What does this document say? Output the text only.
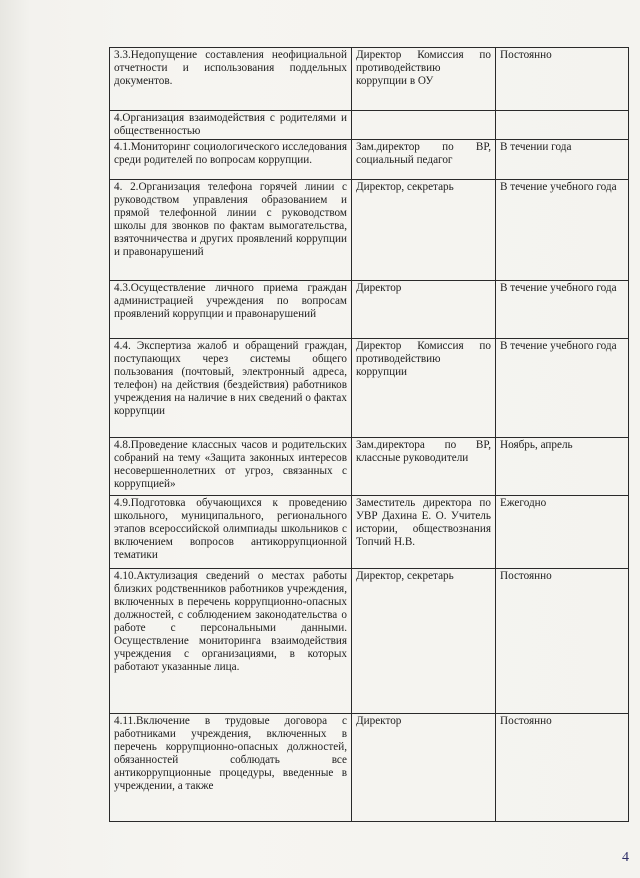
3.3.Недопущение составления неофициальной отчетности и использования поддельных документов.	Директор Комиссия по противодействию коррупции в ОУ	Постоянно
4.Организация взаимодействия с родителями и общественностью		
4.1.Мониторинг социологического исследования среди родителей по вопросам коррупции.	Зам.директор по ВР, социальный педагог	В течении года
4. 2.Организация телефона горячей линии с руководством управления образованием и прямой телефонной линии с руководством школы для звонков по фактам вымогательства, взяточничества и других проявлений коррупции и правонарушений	Директор, секретарь	В течение учебного года
4.3.Осуществление личного приема граждан администрацией учреждения по вопросам проявлений коррупции и правонарушений	Директор	В течение учебного года
4.4. Экспертиза жалоб и обращений граждан, поступающих через системы общего пользования (почтовый, электронный адреса, телефон) на действия (бездействия) работников учреждения на наличие в них сведений о фактах коррупции	Директор Комиссия по противодействию коррупции	В течение учебного года
4.8.Проведение классных часов и родительских собраний на тему «Защита законных интересов несовершеннолетних от угроз, связанных с коррупцией»	Зам.директора по ВР, классные руководители	Ноябрь, апрель
4.9.Подготовка обучающихся к проведению школьного, муниципального, регионального этапов всероссийской олимпиады школьников с включением вопросов антикоррупционной тематики	Заместитель директора по УВР Дахина Е. О. Учитель истории, обществознания Топчий Н.В.	Ежегодно
4.10.Актулизация сведений о местах работы близких родственников работников учреждения, включенных в перечень коррупционно-опасных должностей, с соблюдением законодательства о работе с персональными данными. Осуществление мониторинга взаимодействия учреждения с организациями, в которых работают указанные лица.	Директор, секретарь	Постоянно
4.11.Включение в трудовые договора с работниками учреждения, включенных в перечень коррупционно-опасных должностей, обязанностей соблюдать все антикоррупционные процедуры, введенные в учреждении, а также	Директор	Постоянно
4
